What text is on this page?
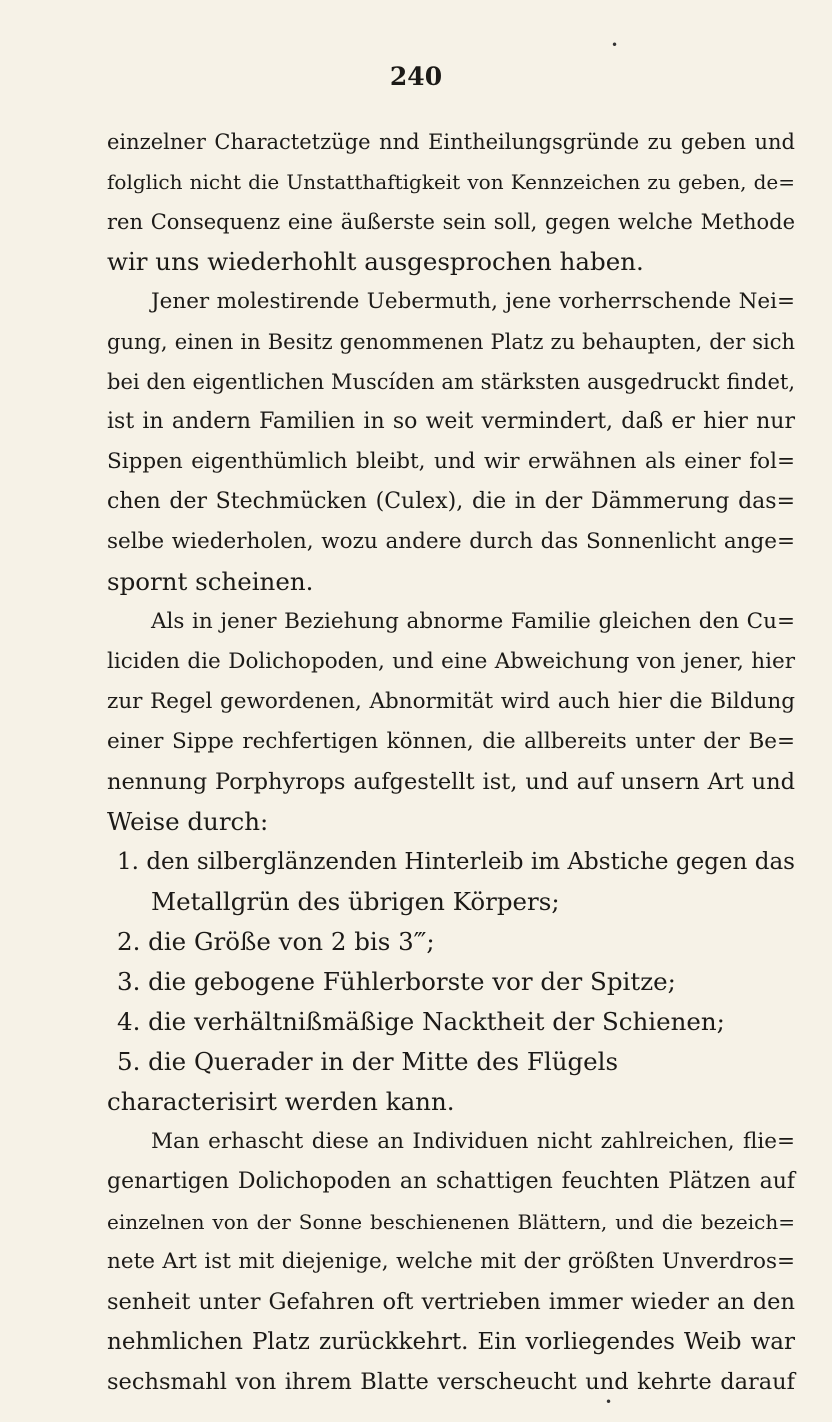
240
•
•
einzelner Charactetzüge nnd Eintheilungsgründe zu geben und
folglich nicht die Unstatthaftigkeit von Kennzeichen zu geben, de=
ren Consequenz eine äußerste sein soll, gegen welche Methode
wir uns wiederhohlt ausgesprochen haben.
Jener molestirende Uebermuth, jene vorherrschende Nei=
gung, einen in Besitz genommenen Platz zu behaupten, der sich
bei den eigentlichen Muscíden am stärksten ausgedruckt findet,
ist in andern Familien in so weit vermindert, daß er hier nur
Sippen eigenthümlich bleibt, und wir erwähnen als einer fol=
chen der Stechmücken (Culex), die in der Dämmerung das=
selbe wiederholen, wozu andere durch das Sonnenlicht ange=
spornt scheinen.
Als in jener Beziehung abnorme Familie gleichen den Cu=
liciden die Dolichopoden, und eine Abweichung von jener, hier
zur Regel gewordenen, Abnormität wird auch hier die Bildung
einer Sippe rechfertigen können, die allbereits unter der Be=
nennung Porphyrops aufgestellt ist, und auf unsern Art und
Weise durch:
1. den silberglänzenden Hinterleib im Abstiche gegen das
Metallgrün des übrigen Körpers;
2. die Größe von 2 bis 3‴;
3. die gebogene Fühlerborste vor der Spitze;
4. die verhältnißmäßige Nacktheit der Schienen;
5. die Querader in der Mitte des Flügels
characterisirt werden kann.
Man erhascht diese an Individuen nicht zahlreichen, flie=
genartigen Dolichopoden an schattigen feuchten Plätzen auf
einzelnen von der Sonne beschienenen Blättern, und die bezeich=
nete Art ist mit diejenige, welche mit der größten Unverdros=
senheit unter Gefahren oft vertrieben immer wieder an den
nehmlichen Platz zurückkehrt. Ein vorliegendes Weib war
sechsmahl von ihrem Blatte verscheucht und kehrte darauf
